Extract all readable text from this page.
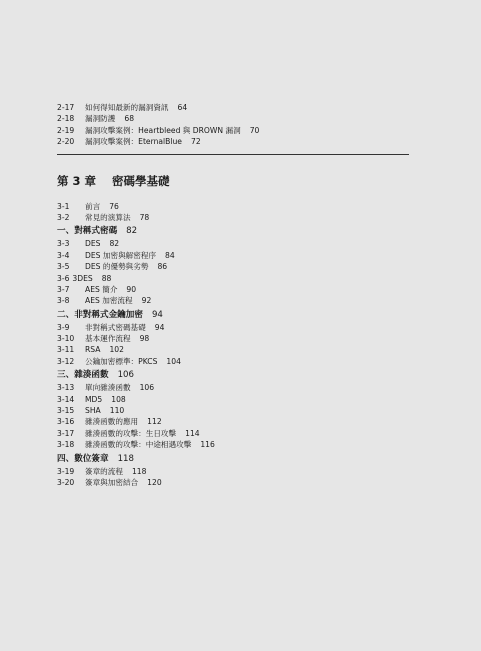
2-17 如何得知最新的漏洞資訊 64
2-18 漏洞防護 68
2-19 漏洞攻擊案例：Heartbleed 與 DROWN 漏洞 70
2-20 漏洞攻擊案例：EternalBlue 72
第 3 章 密碼學基礎
3-1 前言 76
3-2 常見的演算法 78
一、對稱式密碼 82
3-3 DES 82
3-4 DES 加密與解密程序 84
3-5 DES 的優勢與劣勢 86
3-6 3DES 88
3-7 AES 簡介 90
3-8 AES 加密流程 92
二、非對稱式金鑰加密 94
3-9 非對稱式密碼基礎 94
3-10 基本運作流程 98
3-11 RSA 102
3-12 公鑰加密標準：PKCS 104
三、雜湊函數 106
3-13 單向雜湊函數 106
3-14 MD5 108
3-15 SHA 110
3-16 雜湊函數的應用 112
3-17 雜湊函數的攻擊：生日攻擊 114
3-18 雜湊函數的攻擊：中途相遇攻擊 116
四、數位簽章 118
3-19 簽章的流程 118
3-20 簽章與加密結合 120
